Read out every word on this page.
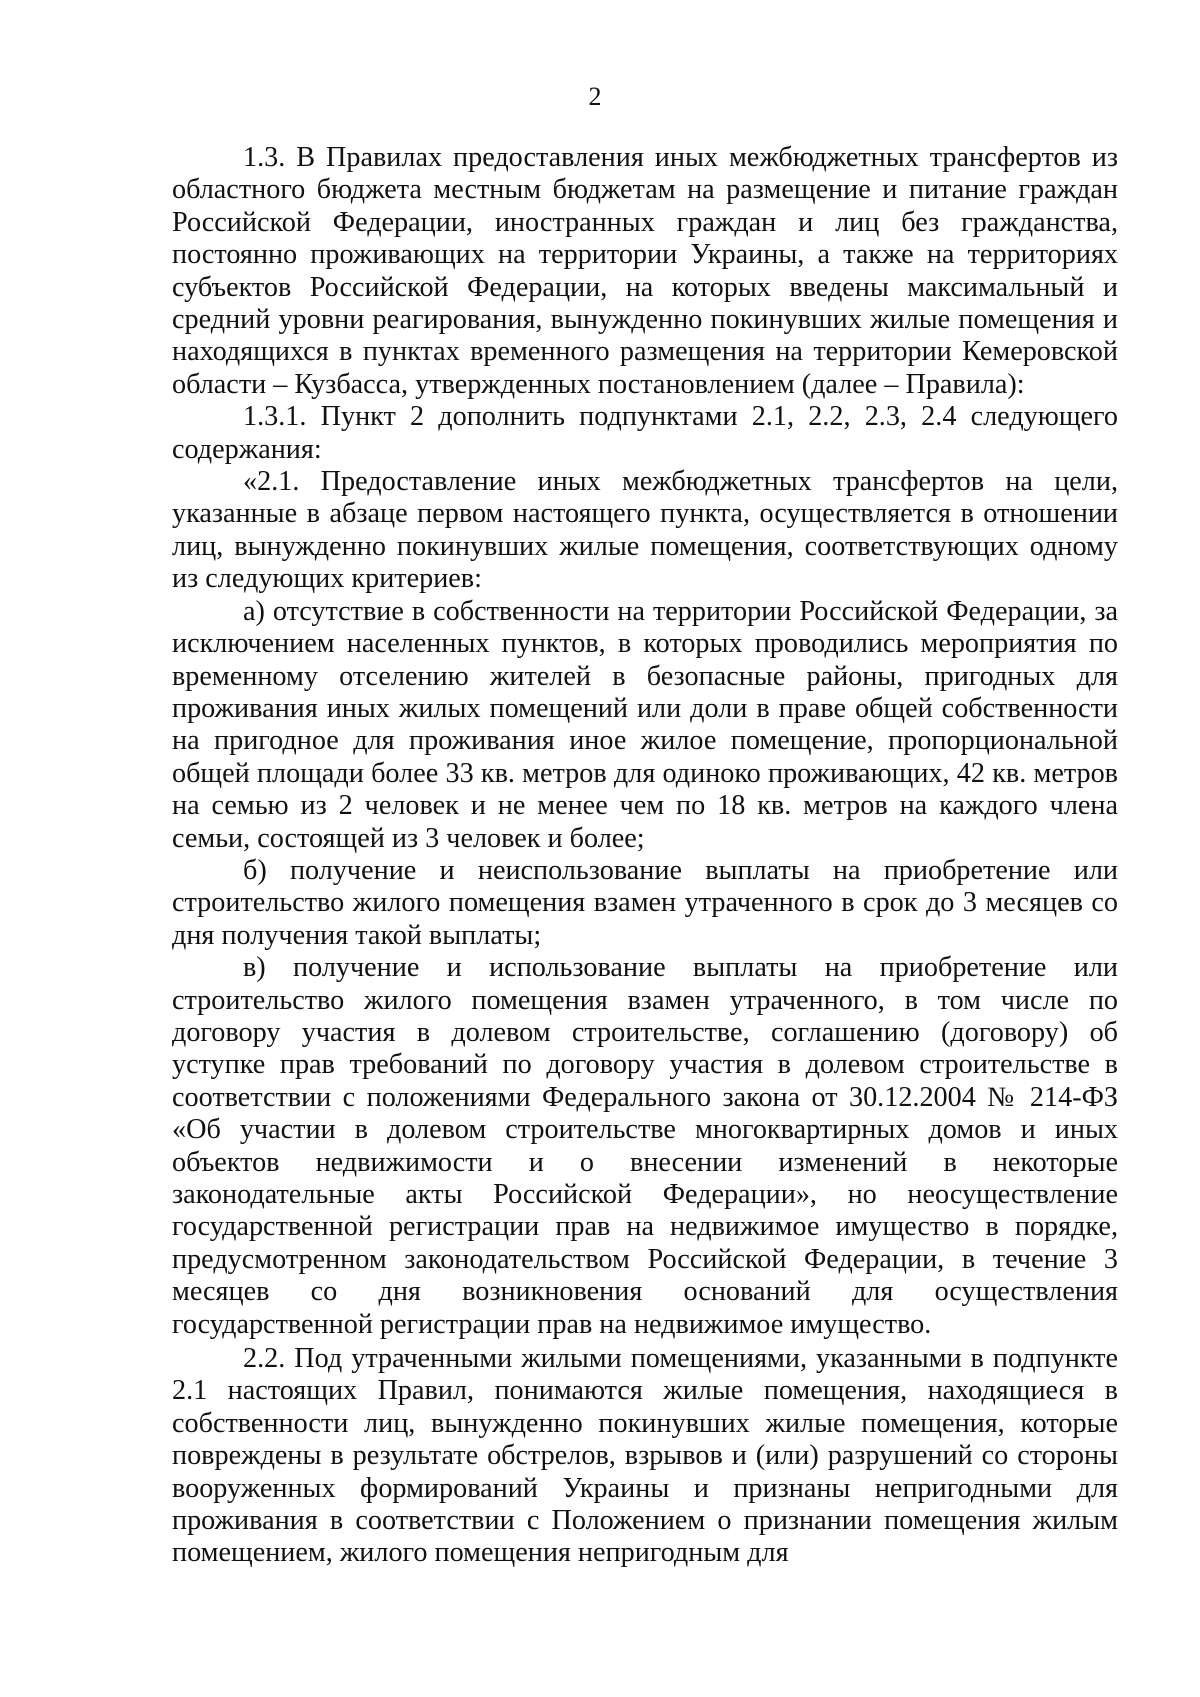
2

1.3. В Правилах предоставления иных межбюджетных трансфертов из областного бюджета местным бюджетам на размещение и питание граждан Российской Федерации, иностранных граждан и лиц без гражданства, постоянно проживающих на территории Украины, а также на территориях субъектов Российской Федерации, на которых введены максимальный и средний уровни реагирования, вынужденно покинувших жилые помещения и находящихся в пунктах временного размещения на территории Кемеровской области – Кузбасса, утвержденных постановлением (далее – Правила):

1.3.1. Пункт 2 дополнить подпунктами 2.1, 2.2, 2.3, 2.4 следующего содержания:

«2.1. Предоставление иных межбюджетных трансфертов на цели, указанные в абзаце первом настоящего пункта, осуществляется в отношении лиц, вынужденно покинувших жилые помещения, соответствующих одному из следующих критериев:

а) отсутствие в собственности на территории Российской Федерации, за исключением населенных пунктов, в которых проводились мероприятия по временному отселению жителей в безопасные районы, пригодных для проживания иных жилых помещений или доли в праве общей собственности на пригодное для проживания иное жилое помещение, пропорциональной общей площади более 33 кв. метров для одиноко проживающих, 42 кв. метров на семью из 2 человек и не менее чем по 18 кв. метров на каждого члена семьи, состоящей из 3 человек и более;

б) получение и неиспользование выплаты на приобретение или строительство жилого помещения взамен утраченного в срок до 3 месяцев со дня получения такой выплаты;

в) получение и использование выплаты на приобретение или строительство жилого помещения взамен утраченного, в том числе по договору участия в долевом строительстве, соглашению (договору) об уступке прав требований по договору участия в долевом строительстве в соответствии с положениями Федерального закона от 30.12.2004 № 214-ФЗ «Об участии в долевом строительстве многоквартирных домов и иных объектов недвижимости и о внесении изменений в некоторые законодательные акты Российской Федерации», но неосуществление государственной регистрации прав на недвижимое имущество в порядке, предусмотренном законодательством Российской Федерации, в течение 3 месяцев со дня возникновения оснований для осуществления государственной регистрации прав на недвижимое имущество.

2.2. Под утраченными жилыми помещениями, указанными в подпункте 2.1 настоящих Правил, понимаются жилые помещения, находящиеся в собственности лиц, вынужденно покинувших жилые помещения, которые повреждены в результате обстрелов, взрывов и (или) разрушений со стороны вооруженных формирований Украины и признаны непригодными для проживания в соответствии с Положением о признании помещения жилым помещением, жилого помещения непригодным для
